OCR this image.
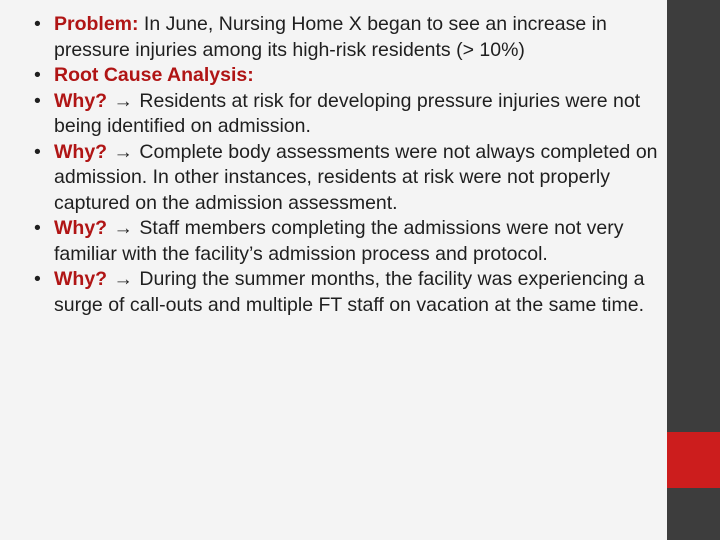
• Problem: In June, Nursing Home X began to see an increase in pressure injuries among its high-risk residents (> 10%)
• Root Cause Analysis:
• Why? → Residents at risk for developing pressure injuries were not being identified on admission.
• Why? → Complete body assessments were not always completed on admission. In other instances, residents at risk were not properly captured on the admission assessment.
• Why? → Staff members completing the admissions were not very familiar with the facility’s admission process and protocol.
• Why? → During the summer months, the facility was experiencing a surge of call-outs and multiple FT staff on vacation at the same time.
